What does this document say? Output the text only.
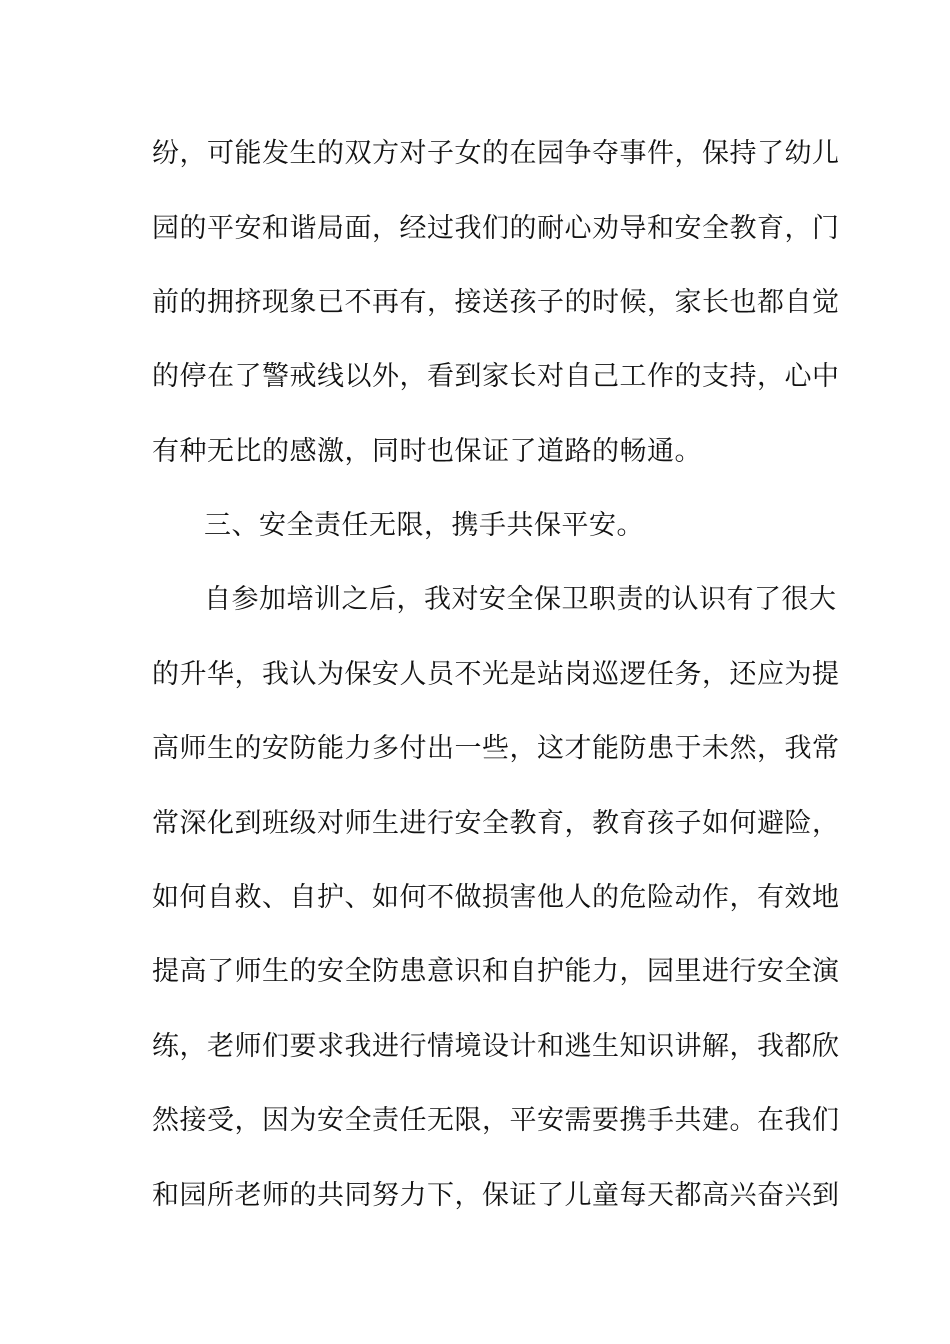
纷，可能发生的双方对子女的在园争夺事件，保持了幼儿
园的平安和谐局面，经过我们的耐心劝导和安全教育，门
前的拥挤现象已不再有，接送孩子的时候，家长也都自觉
的停在了警戒线以外，看到家长对自己工作的支持，心中
有种无比的感激，同时也保证了道路的畅通。
三、安全责任无限，携手共保平安。
自参加培训之后，我对安全保卫职责的认识有了很大
的升华，我认为保安人员不光是站岗巡逻任务，还应为提
高师生的安防能力多付出一些，这才能防患于未然，我常
常深化到班级对师生进行安全教育，教育孩子如何避险，
如何自救、自护、如何不做损害他人的危险动作，有效地
提高了师生的安全防患意识和自护能力，园里进行安全演
练，老师们要求我进行情境设计和逃生知识讲解，我都欣
然接受，因为安全责任无限，平安需要携手共建。在我们
和园所老师的共同努力下，保证了儿童每天都高兴奋兴到
